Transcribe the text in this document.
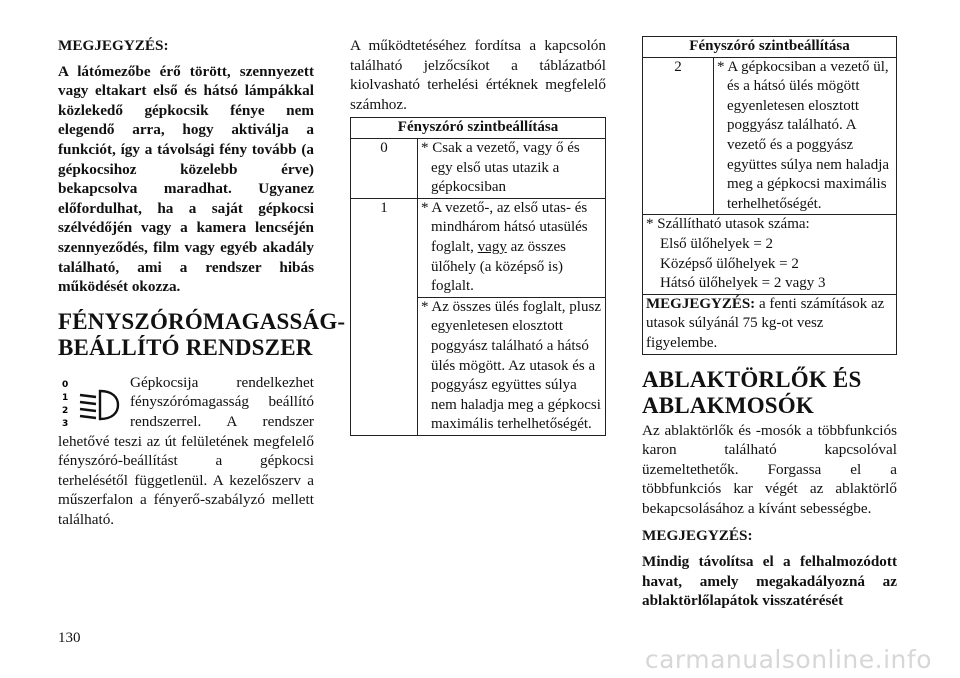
MEGJEGYZÉS:

A látómezőbe érő törött, szennyezett vagy eltakart első és hátsó lámpákkal közlekedő gépkocsik fénye nem elegendő arra, hogy aktiválja a funkciót, így a távolsági fény tovább (a gépkocsihoz közelebb érve) bekapcsolva maradhat. Ugyanez előfordulhat, ha a saját gépkocsi szélvédőjén vagy a kamera lencséjén szennyeződés, film vagy egyéb akadály található, ami a rendszer hibás működését okozza.

FÉNYSZÓRÓMAGASSÁG-
BEÁLLÍTÓ RENDSZER
0
1
2
3
Gépkocsija rendelkezhet fényszórómagasság beállító rendszerrel. A rendszer lehetővé teszi az út felületének megfelelő fényszóró-beállítást a gépkocsi terhelésétől függetlenül. A kezelőszerv a műszerfalon a fényerő-szabályzó mellett található.

A működtetéséhez fordítsa a kapcsolón található jelzőcsíkot a táblázatból kiolvasható terhelési értéknek megfelelő számhoz.

Fényszóró szintbeállítása	
0	* Csak a vezető, vagy ő és egy első utas utazik a gépkocsiban

1	* A vezető-, az első utas- és mindhárom hátsó utasülés foglalt, vagy az összes ülőhely (a középső is) foglalt.

	* Az összes ülés foglalt, plusz egyenletesen elosztott poggyász található a hátsó ülés mögött. Az utasok és a poggyász együttes súlya nem haladja meg a gépkocsi maximális terhelhetőségét.
Fényszóró szintbeállítása
2	* A gépkocsiban a vezető ül, és a hátsó ülés mögött egyenletesen elosztott poggyász található. A vezető és a poggyász együttes súlya nem haladja meg a gépkocsi maximális terhelhetőségét.

* Szállítható utasok száma:
Első ülőhelyek = 2
Középső ülőhelyek = 2
Hátsó ülőhelyek = 2 vagy 3

MEGJEGYZÉS: a fenti számítások az utasok súlyánál 75 kg-ot vesz figyelembe.
ABLAKTÖRLŐK ÉS
ABLAKMOSÓK

Az ablaktörlők és -mosók a többfunkciós karon található kapcsolóval üzemeltethetők. Forgassa el a többfunkciós kar végét az ablaktörlő bekapcsolásához a kívánt sebességbe.

MEGJEGYZÉS:

Mindig távolítsa el a felhalmozódott havat, amely megakadályozná az ablaktörlőlapátok visszatérését

130
carmanualsonline.info
